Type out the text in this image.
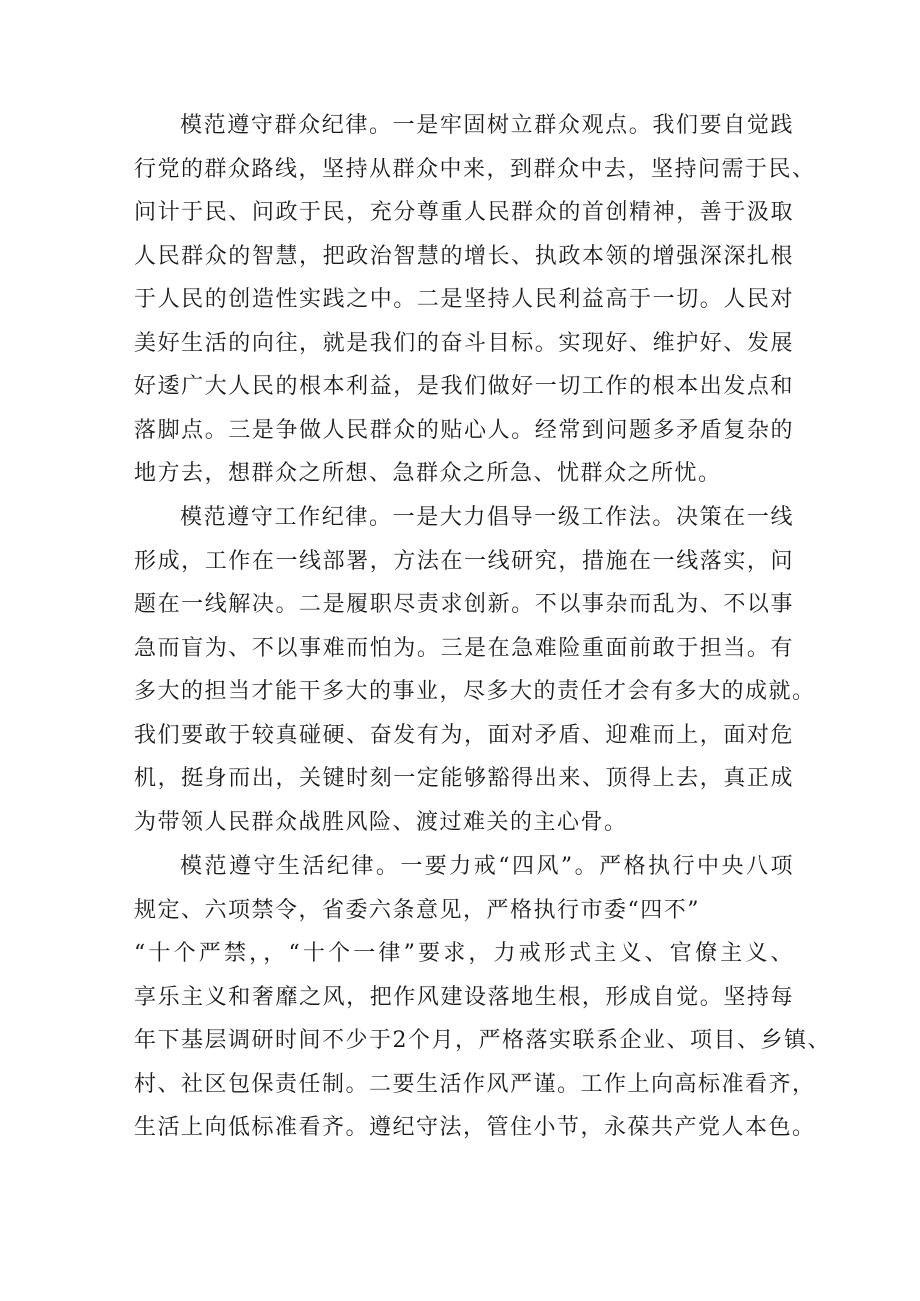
模范遵守群众纪律。一是牢固树立群众观点。我们要自觉践
行党的群众路线，坚持从群众中来，到群众中去，坚持问需于民、
问计于民、问政于民，充分尊重人民群众的首创精神，善于汲取
人民群众的智慧，把政治智慧的增长、执政本领的增强深深扎根
于人民的创造性实践之中。二是坚持人民利益高于一切。人民对
美好生活的向往，就是我们的奋斗目标。实现好、维护好、发展
好逶广大人民的根本利益，是我们做好一切工作的根本出发点和
落脚点。三是争做人民群众的贴心人。经常到问题多矛盾复杂的
地方去，想群众之所想、急群众之所急、忧群众之所忧。
模范遵守工作纪律。一是大力倡导一级工作法。决策在一线
形成，工作在一线部署，方法在一线研究，措施在一线落实，问
题在一线解决。二是履职尽责求创新。不以事杂而乱为、不以事
急而盲为、不以事难而怕为。三是在急难险重面前敢于担当。有
多大的担当才能干多大的事业，尽多大的责任才会有多大的成就。
我们要敢于较真碰硬、奋发有为，面对矛盾、迎难而上，面对危
机，挺身而出，关键时刻一定能够豁得出来、顶得上去，真正成
为带领人民群众战胜风险、渡过难关的主心骨。
模范遵守生活纪律。一要力戒“四风”。严格执行中央八项
规定、六项禁令，省委六条意见，严格执行市委“四不”
“十个严禁，，“十个一律”要求，力戒形式主义、官僚主义、
享乐主义和奢靡之风，把作风建设落地生根，形成自觉。坚持每
年下基层调研时间不少于2个月，严格落实联系企业、项目、乡镇、
村、社区包保责任制。二要生活作风严谨。工作上向高标准看齐，
生活上向低标准看齐。遵纪守法，管住小节，永葆共产党人本色。
